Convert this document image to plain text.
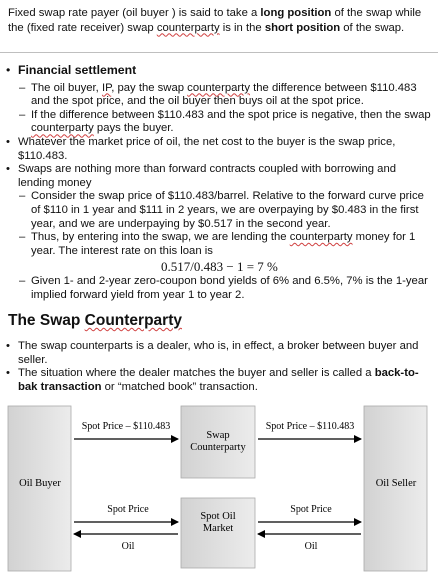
Fixed swap rate payer (oil buyer ) is said to take a long position of the swap while the (fixed rate receiver) swap counterparty is in the short position of the swap.
• Financial settlement
– The oil buyer, IP, pay the swap counterparty the difference between $110.483 and the spot price, and the oil buyer then buys oil at the spot price.
– If the difference between $110.483 and the spot price is negative, then the swap counterparty pays the buyer.
• Whatever the market price of oil, the net cost to the buyer is the swap price, $110.483.
• Swaps are nothing more than forward contracts coupled with borrowing and lending money
– Consider the swap price of $110.483/barrel. Relative to the forward curve price of $110 in 1 year and $111 in 2 years, we are overpaying by $0.483 in the first year, and we are underpaying by $0.517 in the second year.
– Thus, by entering into the swap, we are lending the counterparty money for 1 year. The interest rate on this loan is
0.517/0.483 − 1 = 7 %
– Given 1- and 2-year zero-coupon bond yields of 6% and 6.5%, 7% is the 1-year implied forward yield from year 1 to year 2.
The Swap Counterparty
• The swap counterparts is a dealer, who is, in effect, a broker between buyer and seller.
• The situation where the dealer matches the buyer and seller is called a back-to-bak transaction or “matched book” transaction.
Oil Buyer	Oil Seller
Swap
Counterparty
Spot Oil
Market
Spot Price – $110.483	Spot Price – $110.483
Spot Price
Oil
Spot Price
Oil
